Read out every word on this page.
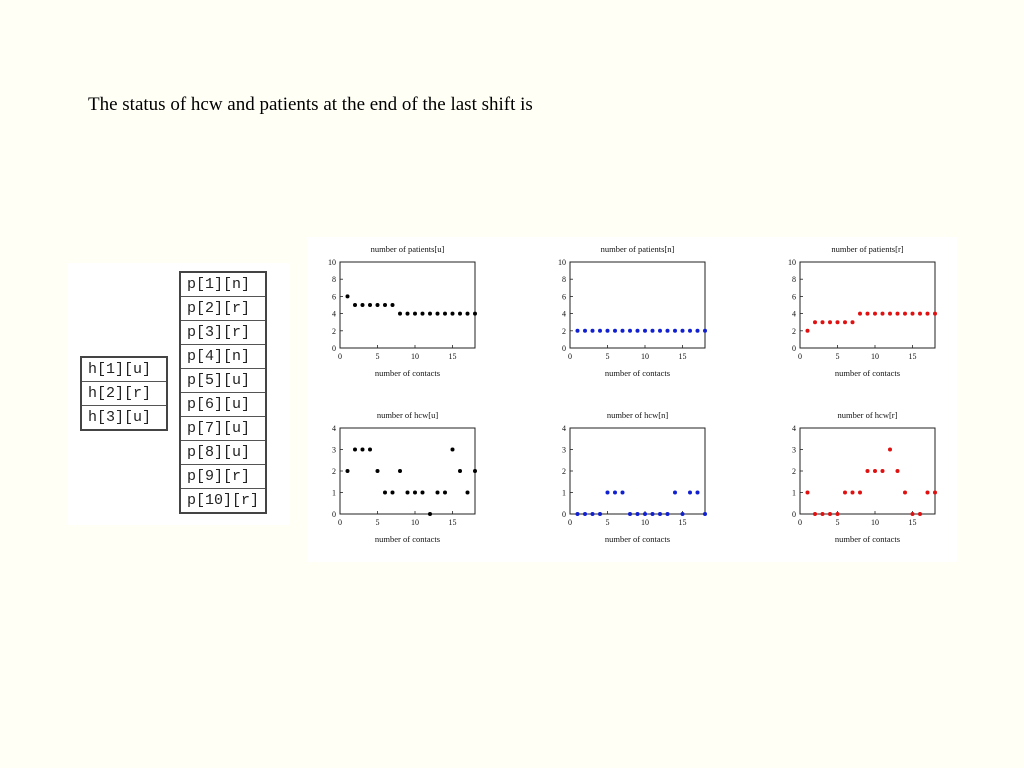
The status of hcw and patients at the end of the last shift is
h[1][u]
h[2][r]
h[3][u]
p[1][n]
p[2][r]
p[3][r]
p[4][n]
p[5][u]
p[6][u]
p[7][u]
p[8][u]
p[9][r]
p[10][r]
number of patients[u]
0
2
4
6
8
10
0	5	10	15
number of contacts
number of patients[n]
0
2
4
6
8
10
0	5	10	15
number of contacts
number of patients[r]
0
2
4
6
8
10
0	5	10	15
number of contacts
number of hcw[u]
0
1
2
3
4
0	5	10	15
number of contacts
number of hcw[n]
0
1
2
3
4
0	5	10	15
number of contacts
number of hcw[r]
0
1
2
3
4
0	5	10	15
number of contacts
